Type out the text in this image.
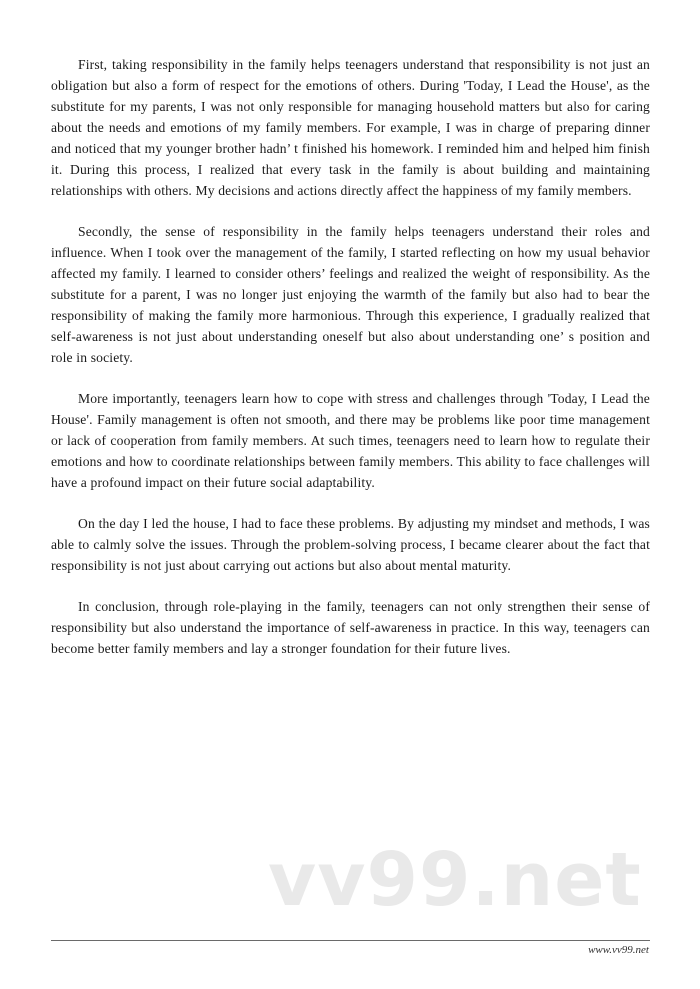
First, taking responsibility in the family helps teenagers understand that responsibility is not just an obligation but also a form of respect for the emotions of others. During 'Today, I Lead the House', as the substitute for my parents, I was not only responsible for managing household matters but also for caring about the needs and emotions of my family members. For example, I was in charge of preparing dinner and noticed that my younger brother hadn’ t finished his homework. I reminded him and helped him finish it. During this process, I realized that every task in the family is about building and maintaining relationships with others. My decisions and actions directly affect the happiness of my family members.

Secondly, the sense of responsibility in the family helps teenagers understand their roles and influence. When I took over the management of the family, I started reflecting on how my usual behavior affected my family. I learned to consider others’ feelings and realized the weight of responsibility. As the substitute for a parent, I was no longer just enjoying the warmth of the family but also had to bear the responsibility of making the family more harmonious. Through this experience, I gradually realized that self-awareness is not just about understanding oneself but also about understanding one’ s position and role in society.

More importantly, teenagers learn how to cope with stress and challenges through 'Today, I Lead the House'. Family management is often not smooth, and there may be problems like poor time management or lack of cooperation from family members. At such times, teenagers need to learn how to regulate their emotions and how to coordinate relationships between family members. This ability to face challenges will have a profound impact on their future social adaptability.

On the day I led the house, I had to face these problems. By adjusting my mindset and methods, I was able to calmly solve the issues. Through the problem-solving process, I became clearer about the fact that responsibility is not just about carrying out actions but also about mental maturity.

In conclusion, through role-playing in the family, teenagers can not only strengthen their sense of responsibility but also understand the importance of self-awareness in practice. In this way, teenagers can become better family members and lay a stronger foundation for their future lives.

vv99.net
www.vv99.net
